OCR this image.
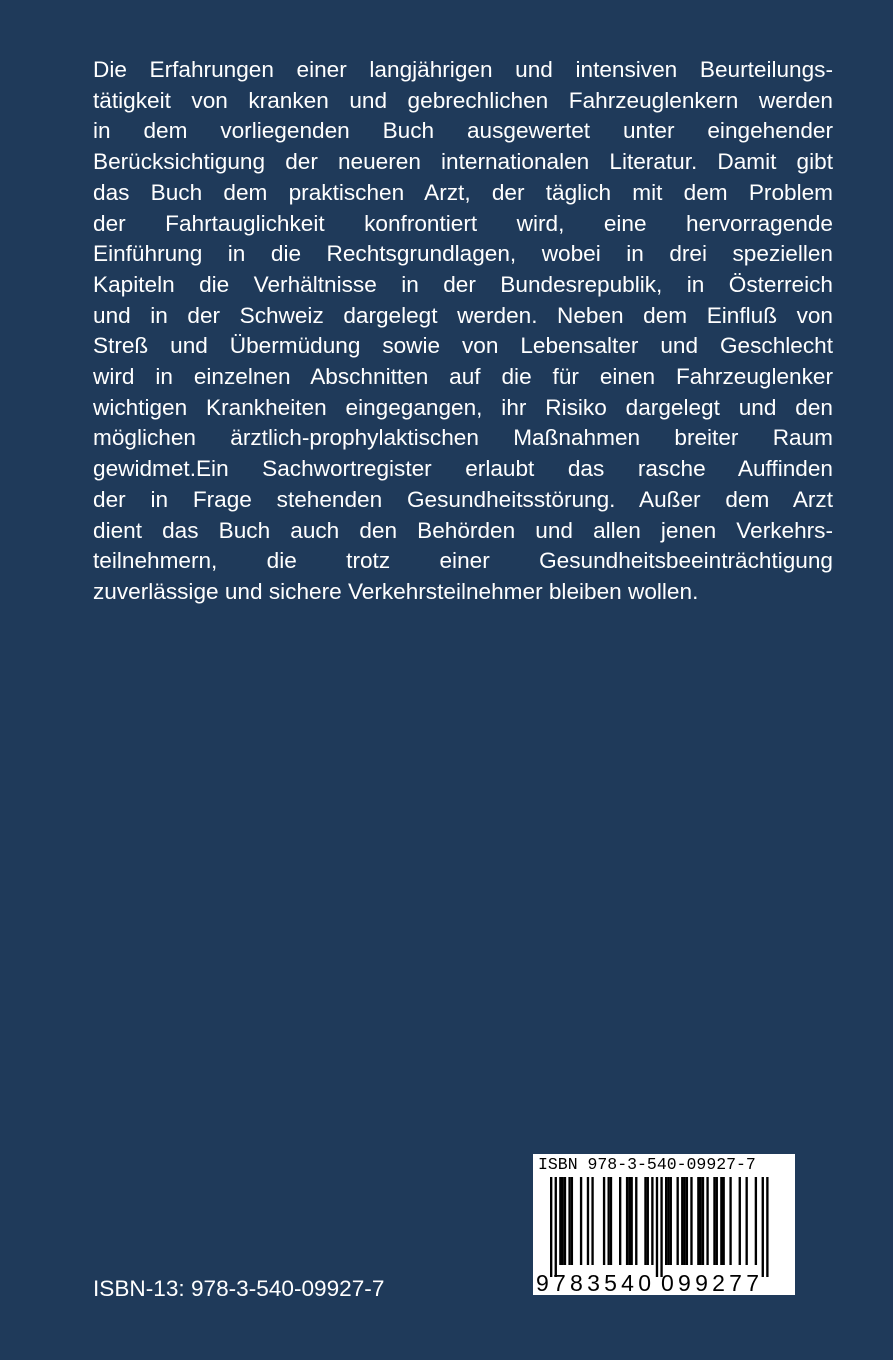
Die Erfahrungen einer langjährigen und intensiven Beurteilungs-
tätigkeit von kranken und gebrechlichen Fahrzeuglenkern werden
in dem vorliegenden Buch ausgewertet unter eingehender
Berücksichtigung der neueren internationalen Literatur. Damit gibt
das Buch dem praktischen Arzt, der täglich mit dem Problem
der Fahrtauglichkeit konfrontiert wird, eine hervorragende
Einführung in die Rechtsgrundlagen, wobei in drei speziellen
Kapiteln die Verhältnisse in der Bundesrepublik, in Österreich
und in der Schweiz dargelegt werden. Neben dem Einfluß von
Streß und Übermüdung sowie von Lebensalter und Geschlecht
wird in einzelnen Abschnitten auf die für einen Fahrzeuglenker
wichtigen Krankheiten eingegangen, ihr Risiko dargelegt und den
möglichen ärztlich-prophylaktischen Maßnahmen breiter Raum
gewidmet.Ein Sachwortregister erlaubt das rasche Auffinden
der in Frage stehenden Gesundheitsstörung. Außer dem Arzt
dient das Buch auch den Behörden und allen jenen Verkehrs-
teilnehmern, die trotz einer Gesundheitsbeeinträchtigung
zuverlässige und sichere Verkehrsteilnehmer bleiben wollen.
ISBN-13: 978-3-540-09927-7	9 783540 099277
ISBN 978-3-540-09927-7
